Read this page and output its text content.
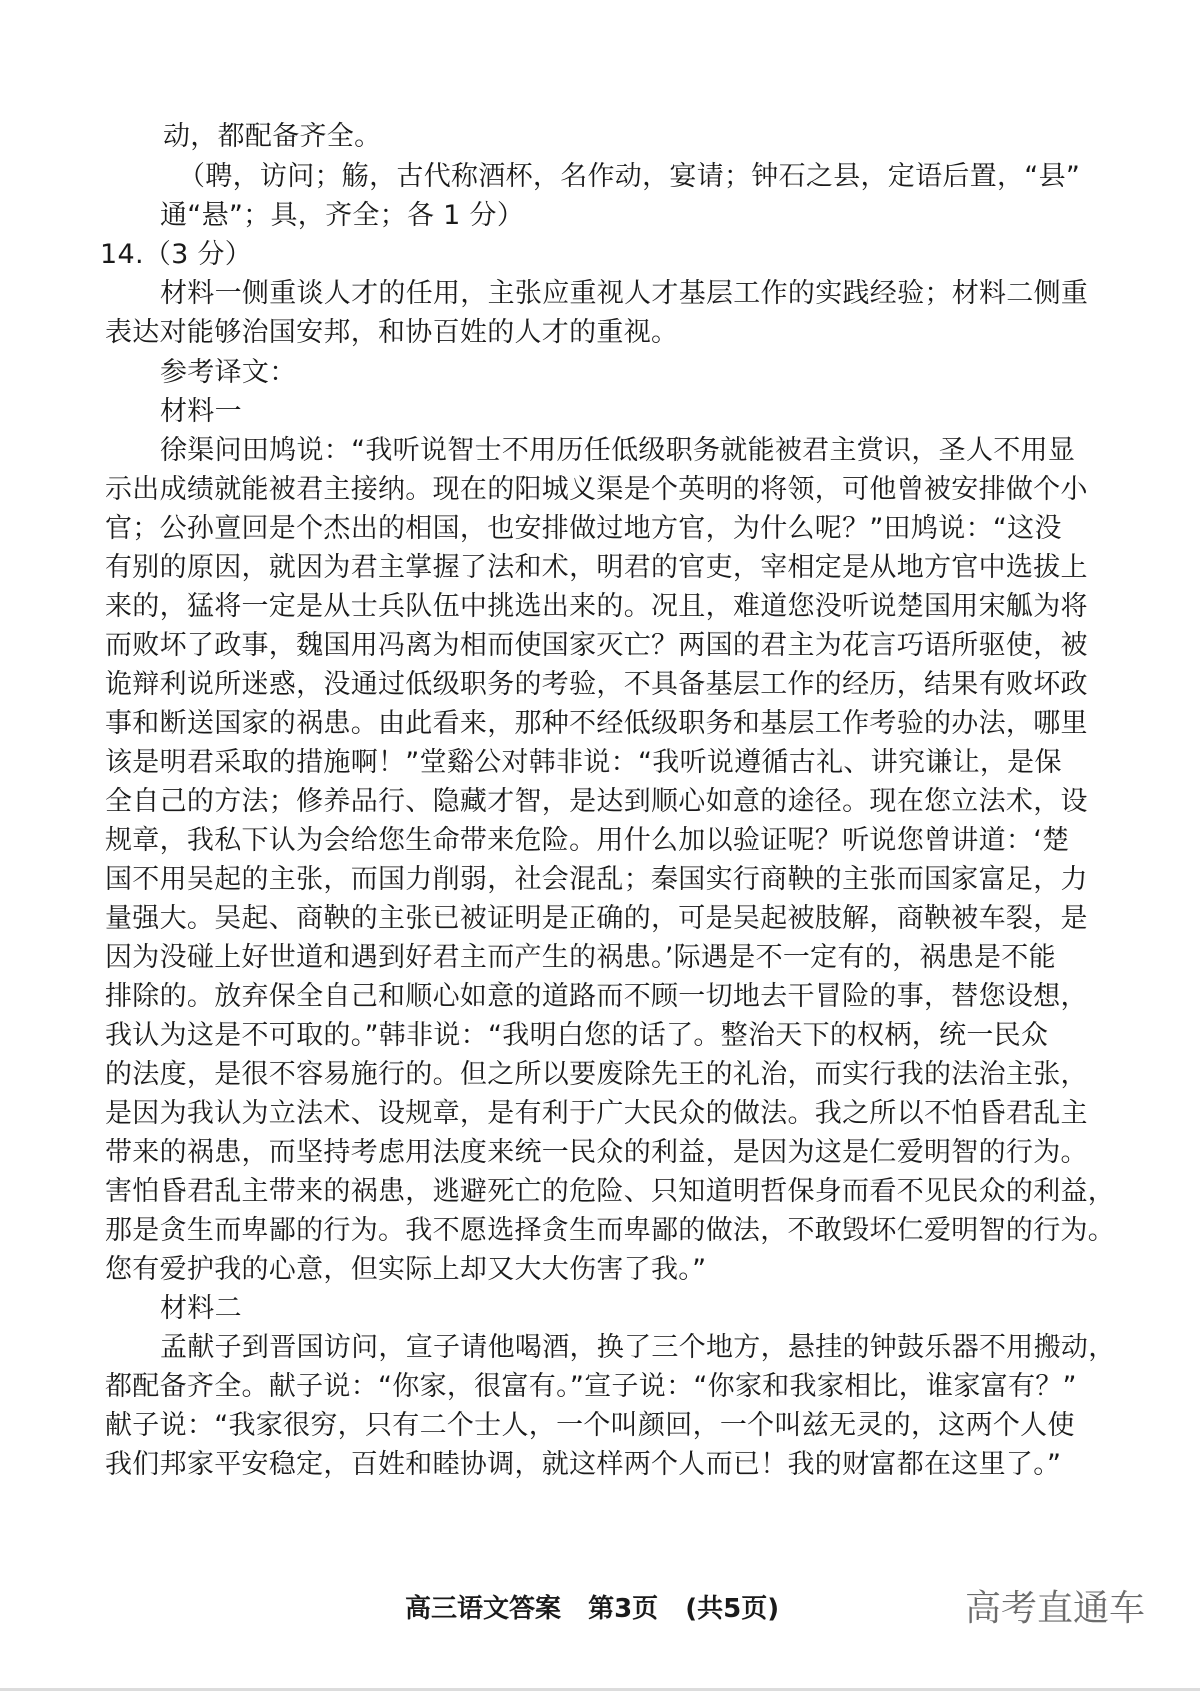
动，都配备齐全。
（聘，访问；觞，古代称酒杯，名作动，宴请；钟石之县，定语后置，“县”
通“悬”；具，齐全；各 1 分）
14.（3 分）
材料一侧重谈人才的任用，主张应重视人才基层工作的实践经验；材料二侧重
表达对能够治国安邦，和协百姓的人才的重视。
参考译文：
材料一
徐渠问田鸠说：“我听说智士不用历任低级职务就能被君主赏识，圣人不用显
示出成绩就能被君主接纳。现在的阳城义渠是个英明的将领，可他曾被安排做个小
官；公孙亶回是个杰出的相国，也安排做过地方官，为什么呢？”田鸠说：“这没
有别的原因，就因为君主掌握了法和术，明君的官吏，宰相定是从地方官中选拔上
来的，猛将一定是从士兵队伍中挑选出来的。况且，难道您没听说楚国用宋觚为将
而败坏了政事，魏国用冯离为相而使国家灭亡？两国的君主为花言巧语所驱使，被
诡辩利说所迷惑，没通过低级职务的考验，不具备基层工作的经历，结果有败坏政
事和断送国家的祸患。由此看来，那种不经低级职务和基层工作考验的办法，哪里
该是明君采取的措施啊！”堂谿公对韩非说：“我听说遵循古礼、讲究谦让，是保
全自己的方法；修养品行、隐藏才智，是达到顺心如意的途径。现在您立法术，设
规章，我私下认为会给您生命带来危险。用什么加以验证呢？听说您曾讲道：‘楚
国不用吴起的主张，而国力削弱，社会混乱；秦国实行商鞅的主张而国家富足，力
量强大。吴起、商鞅的主张已被证明是正确的，可是吴起被肢解，商鞅被车裂，是
因为没碰上好世道和遇到好君主而产生的祸患。’际遇是不一定有的，祸患是不能
排除的。放弃保全自己和顺心如意的道路而不顾一切地去干冒险的事，替您设想，
我认为这是不可取的。”韩非说：“我明白您的话了。整治天下的权柄，统一民众
的法度，是很不容易施行的。但之所以要废除先王的礼治，而实行我的法治主张，
是因为我认为立法术、设规章，是有利于广大民众的做法。我之所以不怕昏君乱主
带来的祸患，而坚持考虑用法度来统一民众的利益，是因为这是仁爱明智的行为。
害怕昏君乱主带来的祸患，逃避死亡的危险、只知道明哲保身而看不见民众的利益，
那是贪生而卑鄙的行为。我不愿选择贪生而卑鄙的做法，不敢毁坏仁爱明智的行为。
您有爱护我的心意，但实际上却又大大伤害了我。”
材料二
孟献子到晋国访问，宣子请他喝酒，换了三个地方，悬挂的钟鼓乐器不用搬动，
都配备齐全。献子说：“你家，很富有。”宣子说：“你家和我家相比，谁家富有？”
献子说：“我家很穷，只有二个士人，一个叫颜回，一个叫兹无灵的，这两个人使
我们邦家平安稳定，百姓和睦协调，就这样两个人而已！我的财富都在这里了。”
高三语文答案 第3页 (共5页)	高考直通车
